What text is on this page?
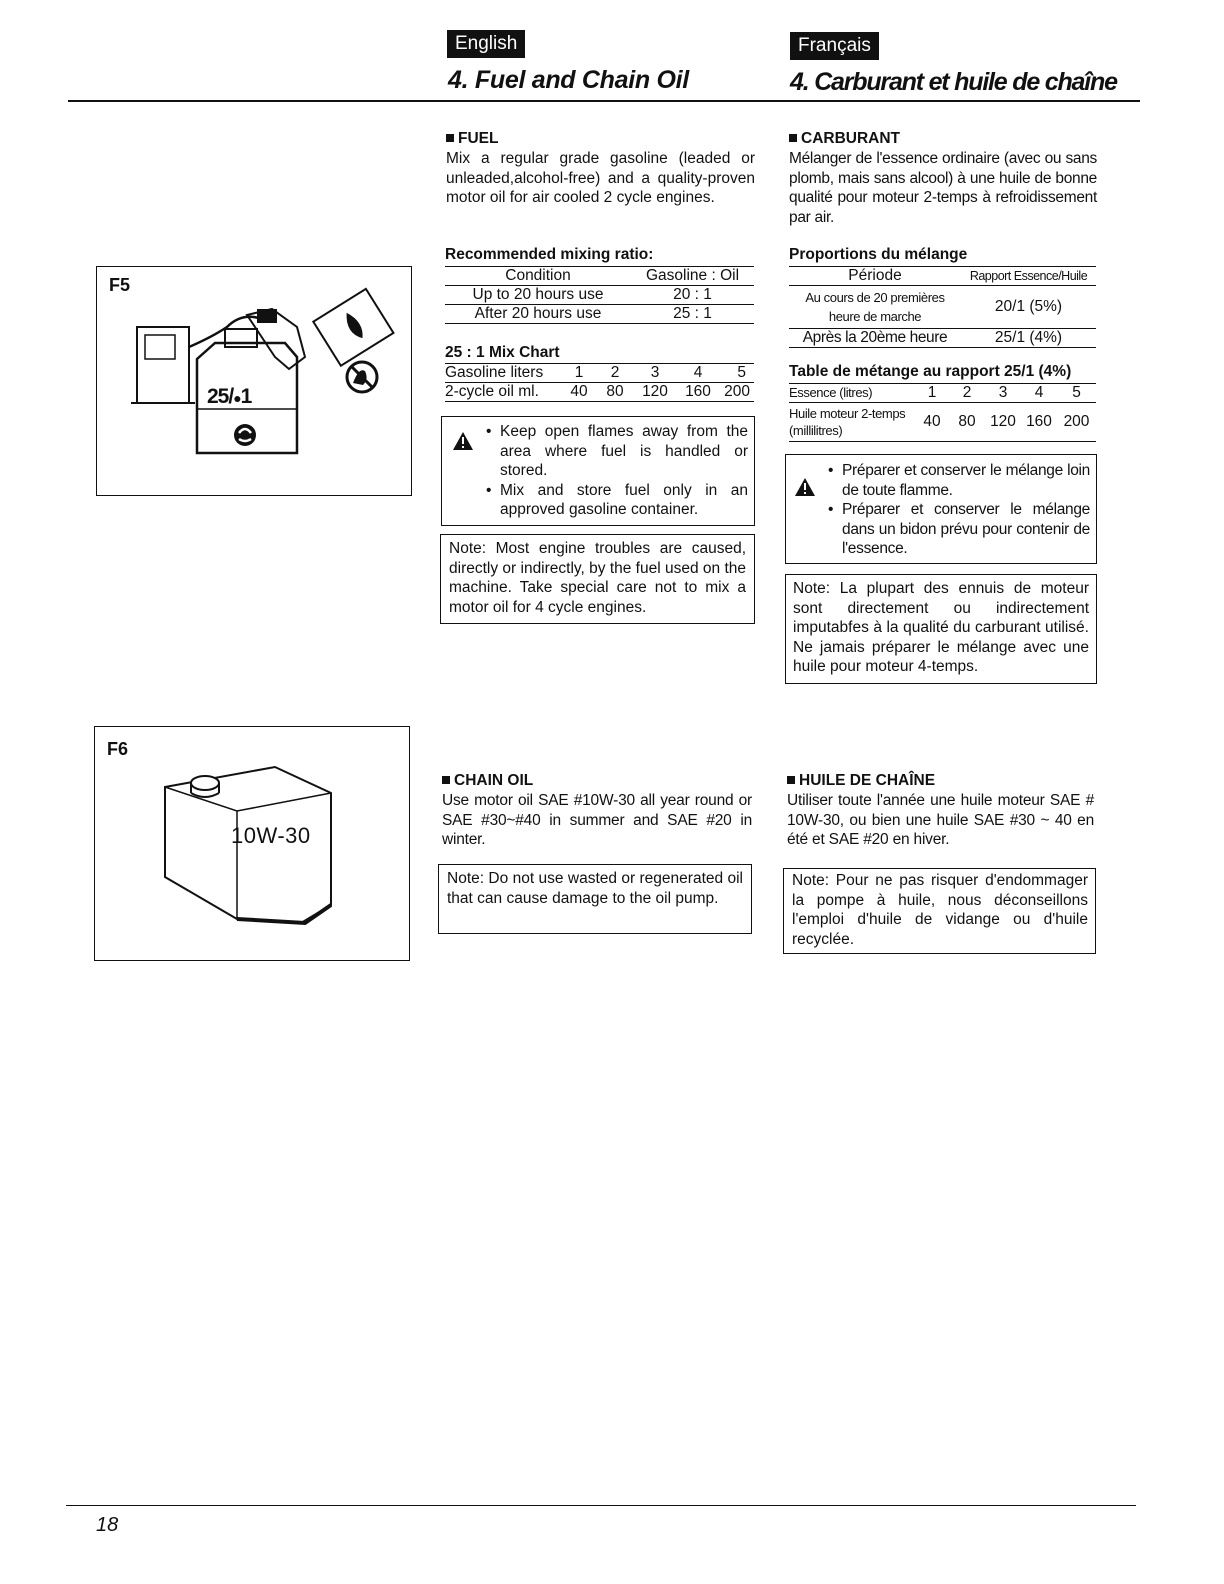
English	Français
4. Fuel and Chain Oil	4. Carburant et huile de chaîne
F5
25/●1
FUEL
Mix a regular grade gasoline (leaded or unleaded,alcohol-free) and a quality-proven motor oil for air cooled 2 cycle engines.
Recommended mixing ratio:
Condition	Gasoline : Oil
Up to 20 hours use	20 : 1
After 20 hours use	25 : 1
25 : 1 Mix Chart
Gasoline liters	1	2	3	4	5
2-cycle oil ml.	40	80	120	160	200
• Keep open flames away from the area where fuel is handled or stored.
• Mix and store fuel only in an approved gasoline container.
Note: Most engine troubles are caused, directly or indirectly, by the fuel used on the machine. Take special care not to mix a motor oil for 4 cycle engines.
CARBURANT
Mélanger de l'essence ordinaire (avec ou sans plomb, mais sans alcool) à une huile de bonne qualité pour moteur 2-temps à refroidissement par air.
Proportions du mélange
Période	Rapport Essence/Huile

Au cours de 20 premières
heure de marche	20/1 (5%)
Après la 20ème heure	25/1 (4%)
Table de métange au rapport 25/1 (4%)
Essence (litres)	1	2	3	4	5

Huile moteur 2-temps
(millilitres)	40	80	120	160	200
• Préparer et conserver le mélange loin de toute flamme.
• Préparer et conserver le mélange dans un bidon prévu pour contenir de l'essence.
Note: La plupart des ennuis de moteur sont directement ou indirectement imputabfes à la qualité du carburant utilisé. Ne jamais préparer le mélange avec une huile pour moteur 4-temps.
F6
10W-30
CHAIN OIL
Use motor oil SAE #10W-30 all year round or SAE #30~#40 in summer and SAE #20 in winter.
Note: Do not use wasted or regenerated oil that can cause damage to the oil pump.
HUILE DE CHAÎNE
Utiliser toute l'année une huile moteur SAE # 10W-30, ou bien une huile SAE #30 ~ 40 en été et SAE #20 en hiver.
Note: Pour ne pas risquer d'endommager la pompe à huile, nous déconseillons l'emploi d'huile de vidange ou d'huile recyclée.
18
